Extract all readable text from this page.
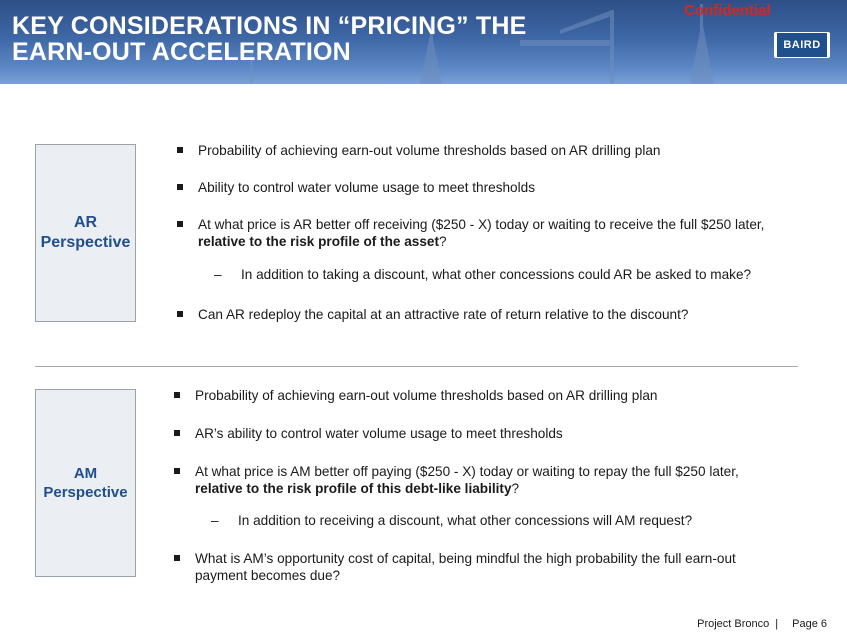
KEY CONSIDERATIONS IN “PRICING” THE
EARN-OUT ACCELERATION
Confidential
BAIRD
AR
Perspective
Probability of achieving earn-out volume thresholds based on AR drilling plan
Ability to control water volume usage to meet thresholds
At what price is AR better off receiving ($250 - X) today or waiting to receive the full $250 later, relative to the risk profile of the asset?
– In addition to taking a discount, what other concessions could AR be asked to make?
Can AR redeploy the capital at an attractive rate of return relative to the discount?
AM
Perspective
Probability of achieving earn-out volume thresholds based on AR drilling plan
AR’s ability to control water volume usage to meet thresholds
At what price is AM better off paying ($250 - X) today or waiting to repay the full $250 later, relative to the risk profile of this debt-like liability?
– In addition to receiving a discount, what other concessions will AM request?
What is AM’s opportunity cost of capital, being mindful the high probability the full earn-out payment becomes due?
Project Bronco | Page 6
